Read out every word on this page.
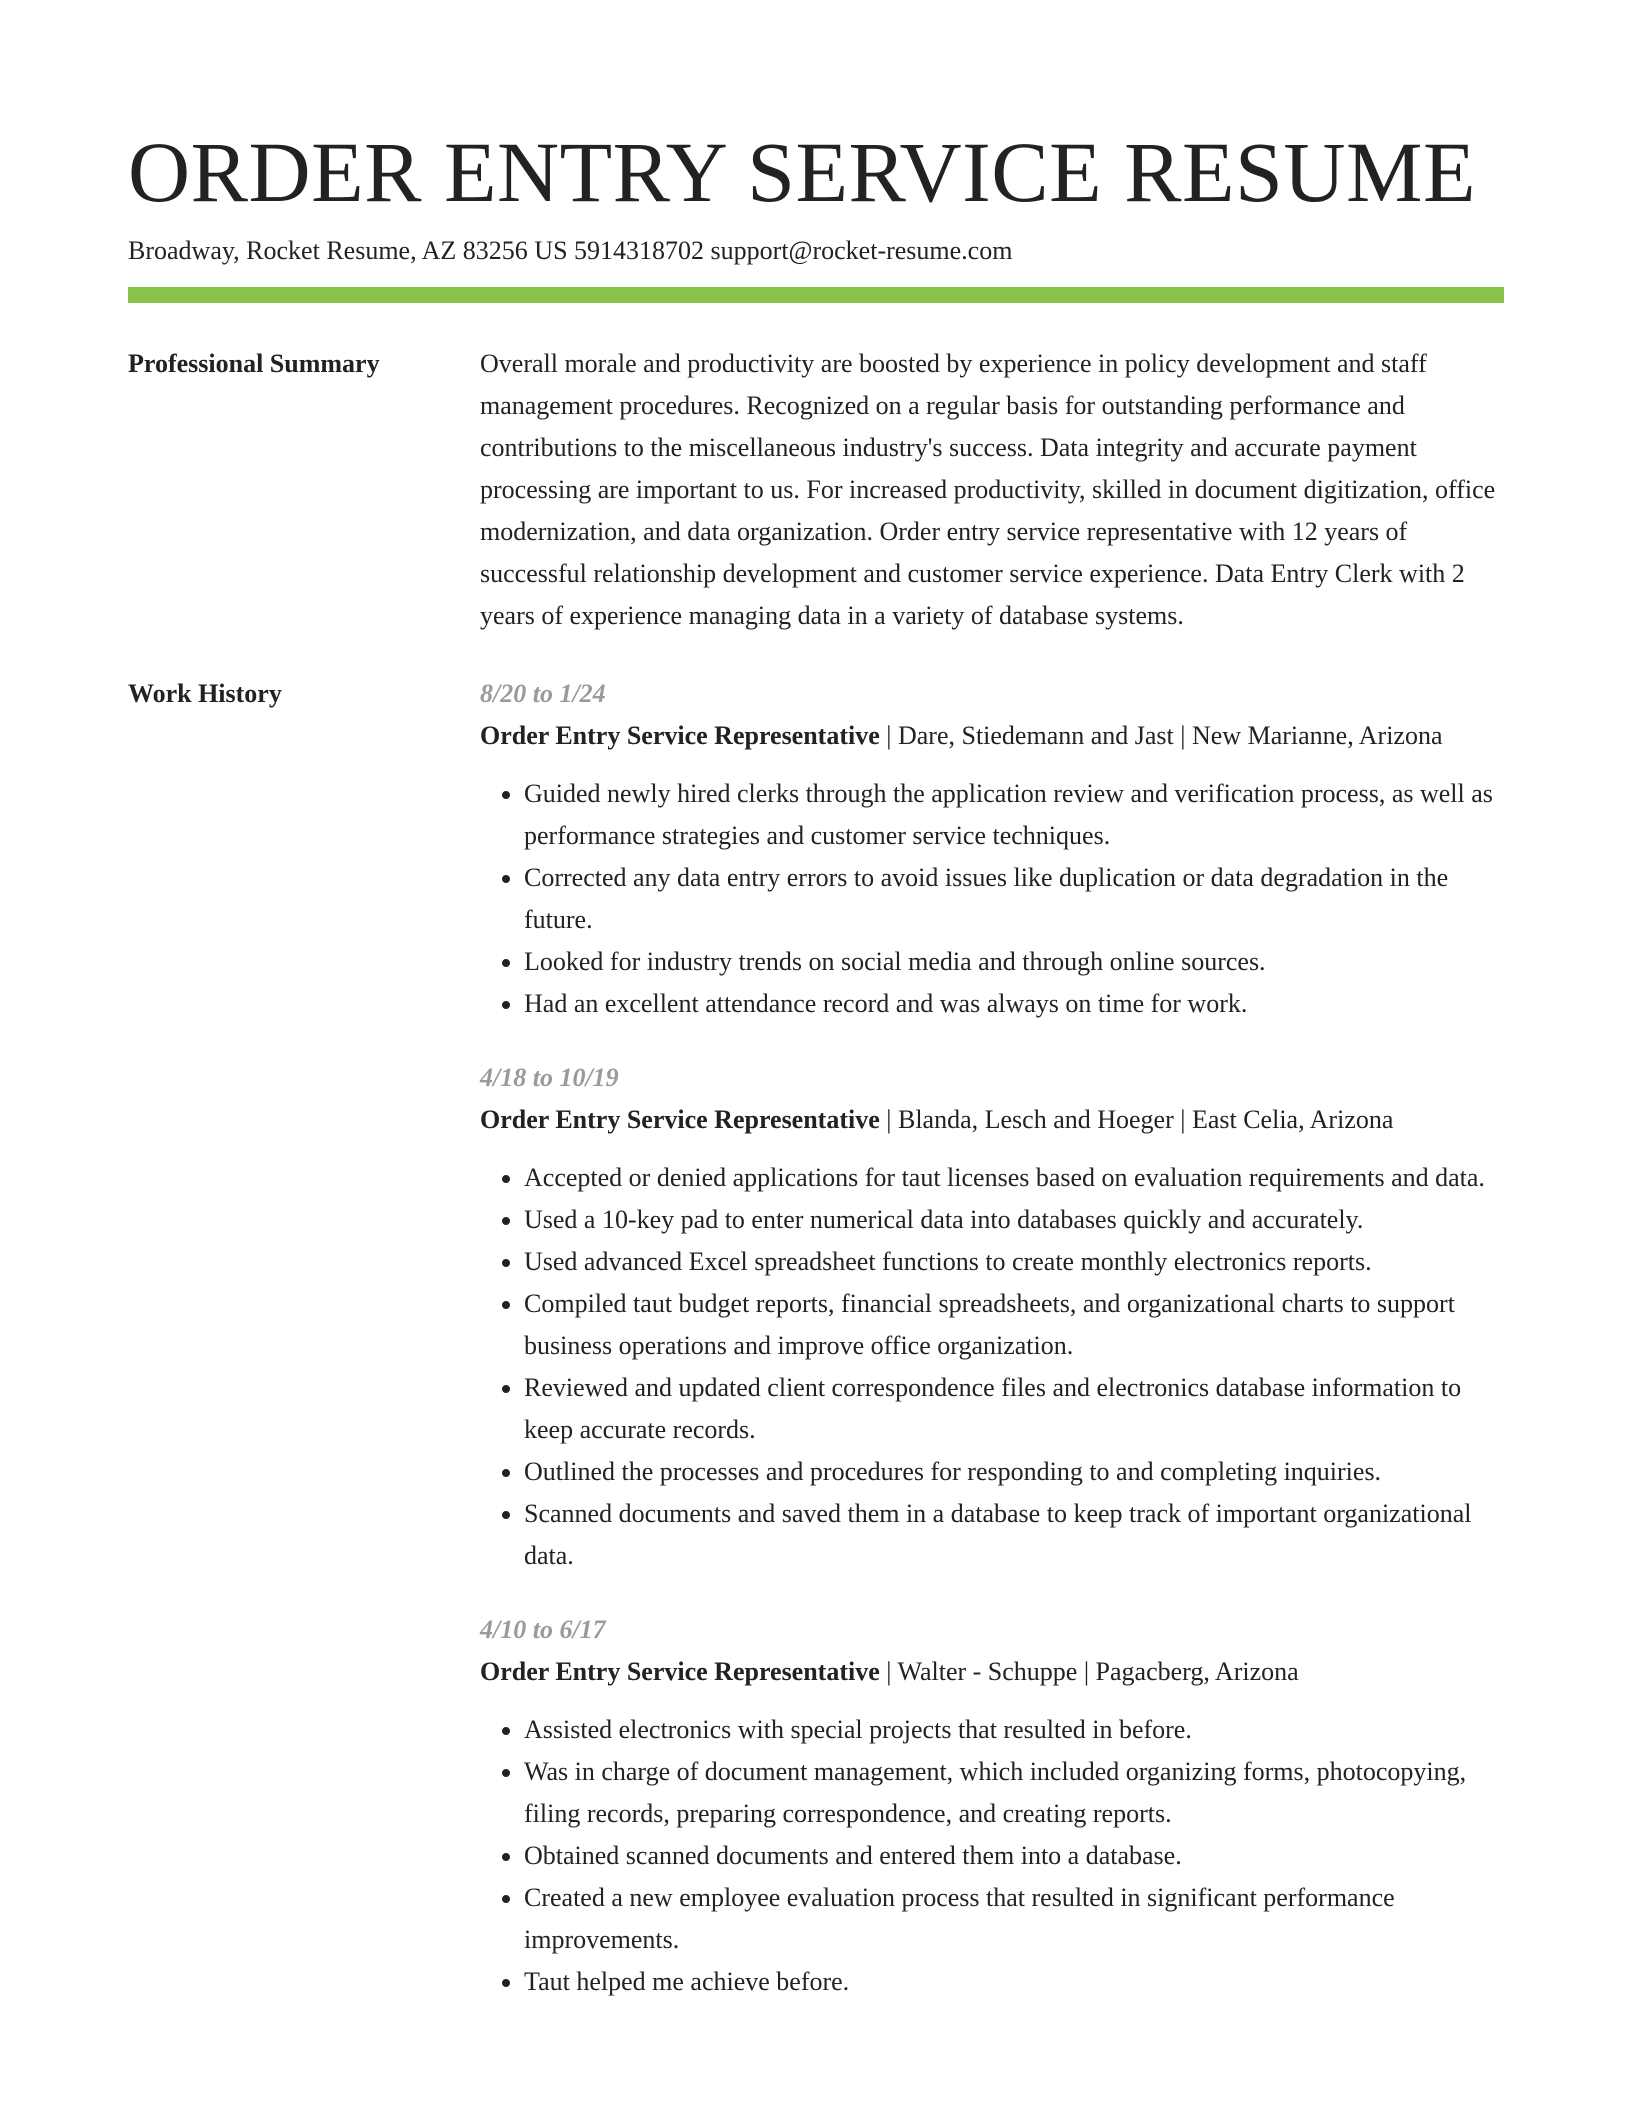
ORDER ENTRY SERVICE RESUME
Broadway, Rocket Resume, AZ 83256 US 5914318702 support@rocket-resume.com
Professional Summary	Overall morale and productivity are boosted by experience in policy development and staff management procedures. Recognized on a regular basis for outstanding performance and contributions to the miscellaneous industry's success. Data integrity and accurate payment processing are important to us. For increased productivity, skilled in document digitization, office modernization, and data organization. Order entry service representative with 12 years of successful relationship development and customer service experience. Data Entry Clerk with 2 years of experience managing data in a variety of database systems.
Work History	8/20 to 1/24
Order Entry Service Representative | Dare, Stiedemann and Jast | New Marianne, Arizona
• Guided newly hired clerks through the application review and verification process, as well as performance strategies and customer service techniques.
• Corrected any data entry errors to avoid issues like duplication or data degradation in the future.
• Looked for industry trends on social media and through online sources.
• Had an excellent attendance record and was always on time for work.
4/18 to 10/19
Order Entry Service Representative | Blanda, Lesch and Hoeger | East Celia, Arizona
• Accepted or denied applications for taut licenses based on evaluation requirements and data.
• Used a 10-key pad to enter numerical data into databases quickly and accurately.
• Used advanced Excel spreadsheet functions to create monthly electronics reports.
• Compiled taut budget reports, financial spreadsheets, and organizational charts to support business operations and improve office organization.
• Reviewed and updated client correspondence files and electronics database information to keep accurate records.
• Outlined the processes and procedures for responding to and completing inquiries.
• Scanned documents and saved them in a database to keep track of important organizational data.
4/10 to 6/17
Order Entry Service Representative | Walter - Schuppe | Pagacberg, Arizona
• Assisted electronics with special projects that resulted in before.
• Was in charge of document management, which included organizing forms, photocopying, filing records, preparing correspondence, and creating reports.
• Obtained scanned documents and entered them into a database.
• Created a new employee evaluation process that resulted in significant performance improvements.
• Taut helped me achieve before.
